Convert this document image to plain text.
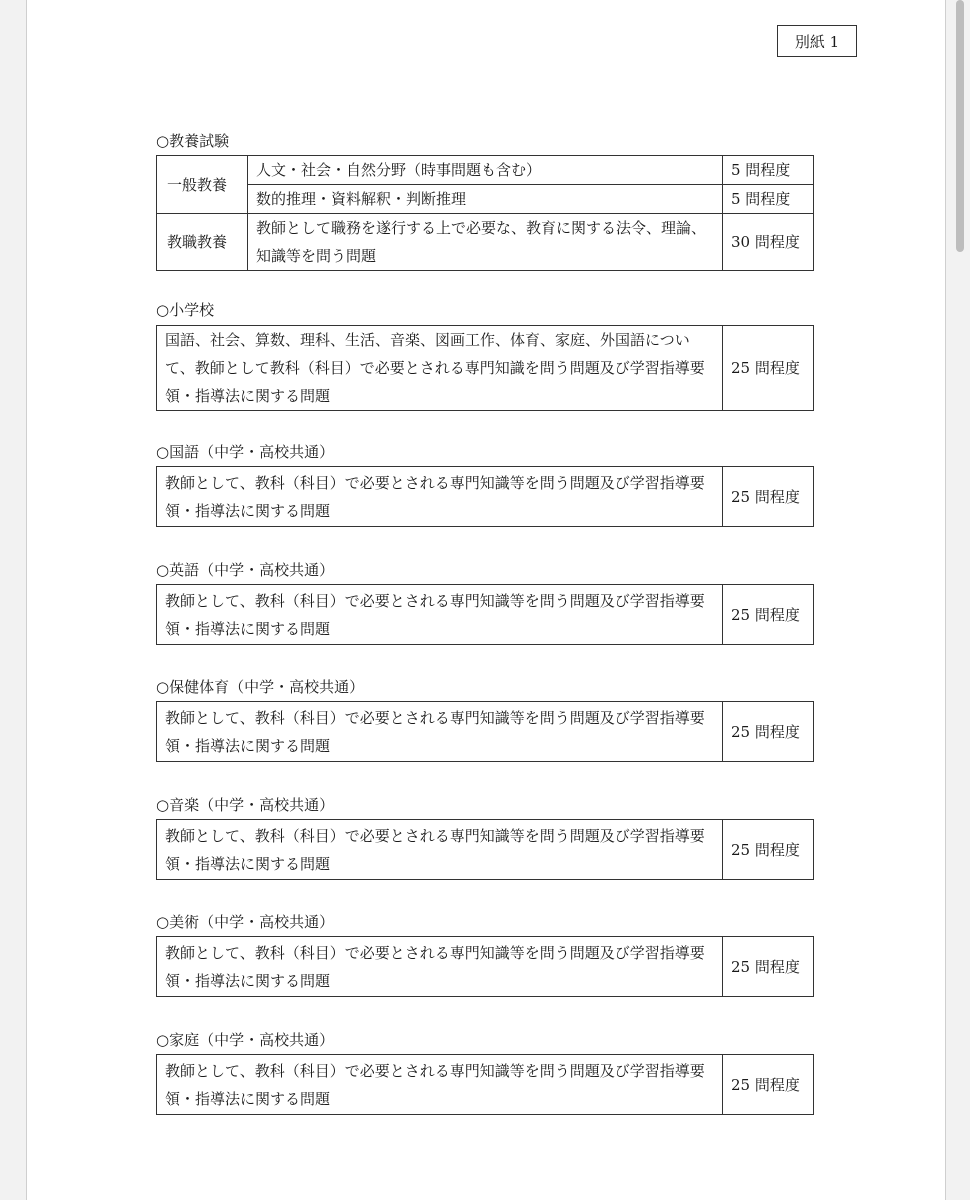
別紙 1
○教養試験
一般教養	人文・社会・自然分野（時事問題も含む）	5 問程度
	数的推理・資料解釈・判断推理	5 問程度
教職教養	教師として職務を遂行する上で必要な、教育に関する法令、理論、知識等を問う問題	30 問程度
○小学校
国語、社会、算数、理科、生活、音楽、図画工作、体育、家庭、外国語について、教師として教科（科目）で必要とされる専門知識を問う問題及び学習指導要領・指導法に関する問題	25 問程度
○国語（中学・高校共通）
教師として、教科（科目）で必要とされる専門知識等を問う問題及び学習指導要領・指導法に関する問題	25 問程度
○英語（中学・高校共通）
教師として、教科（科目）で必要とされる専門知識等を問う問題及び学習指導要領・指導法に関する問題	25 問程度
○保健体育（中学・高校共通）
教師として、教科（科目）で必要とされる専門知識等を問う問題及び学習指導要領・指導法に関する問題	25 問程度
○音楽（中学・高校共通）
教師として、教科（科目）で必要とされる専門知識等を問う問題及び学習指導要領・指導法に関する問題	25 問程度
○美術（中学・高校共通）
教師として、教科（科目）で必要とされる専門知識等を問う問題及び学習指導要領・指導法に関する問題	25 問程度
○家庭（中学・高校共通）
教師として、教科（科目）で必要とされる専門知識等を問う問題及び学習指導要領・指導法に関する問題	25 問程度
